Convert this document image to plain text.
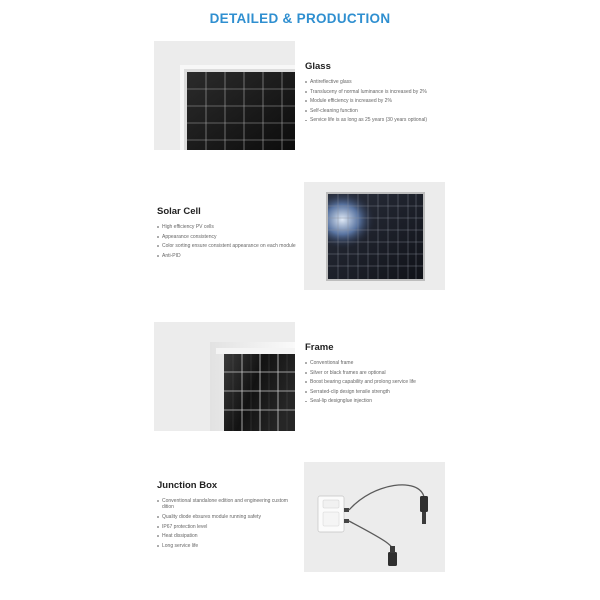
DETAILED & PRODUCTION
Glass
Antireflective glass
Transluceny of normal luminance is increased by 2%
Module efficiency is increased by 2%
Self-cleaning function
Service life is as long as 25 years (30 years optional)
Solar Cell
High efficiency PV cells
Appearance consistency
Color sorting ensure consistent appearance on each module
Anti-PID
Frame
Conventional frame
Silver or black frames are optional
Boost bearing capability and prolong service life
Serrated-clip design tensile strength
Seal-lip designglue injection
Junction Box
Conventional standalone edition and engineering custom dition
Quality diode ebsures module running safety
IP67 protection level
Heat dissipation
Long service life
